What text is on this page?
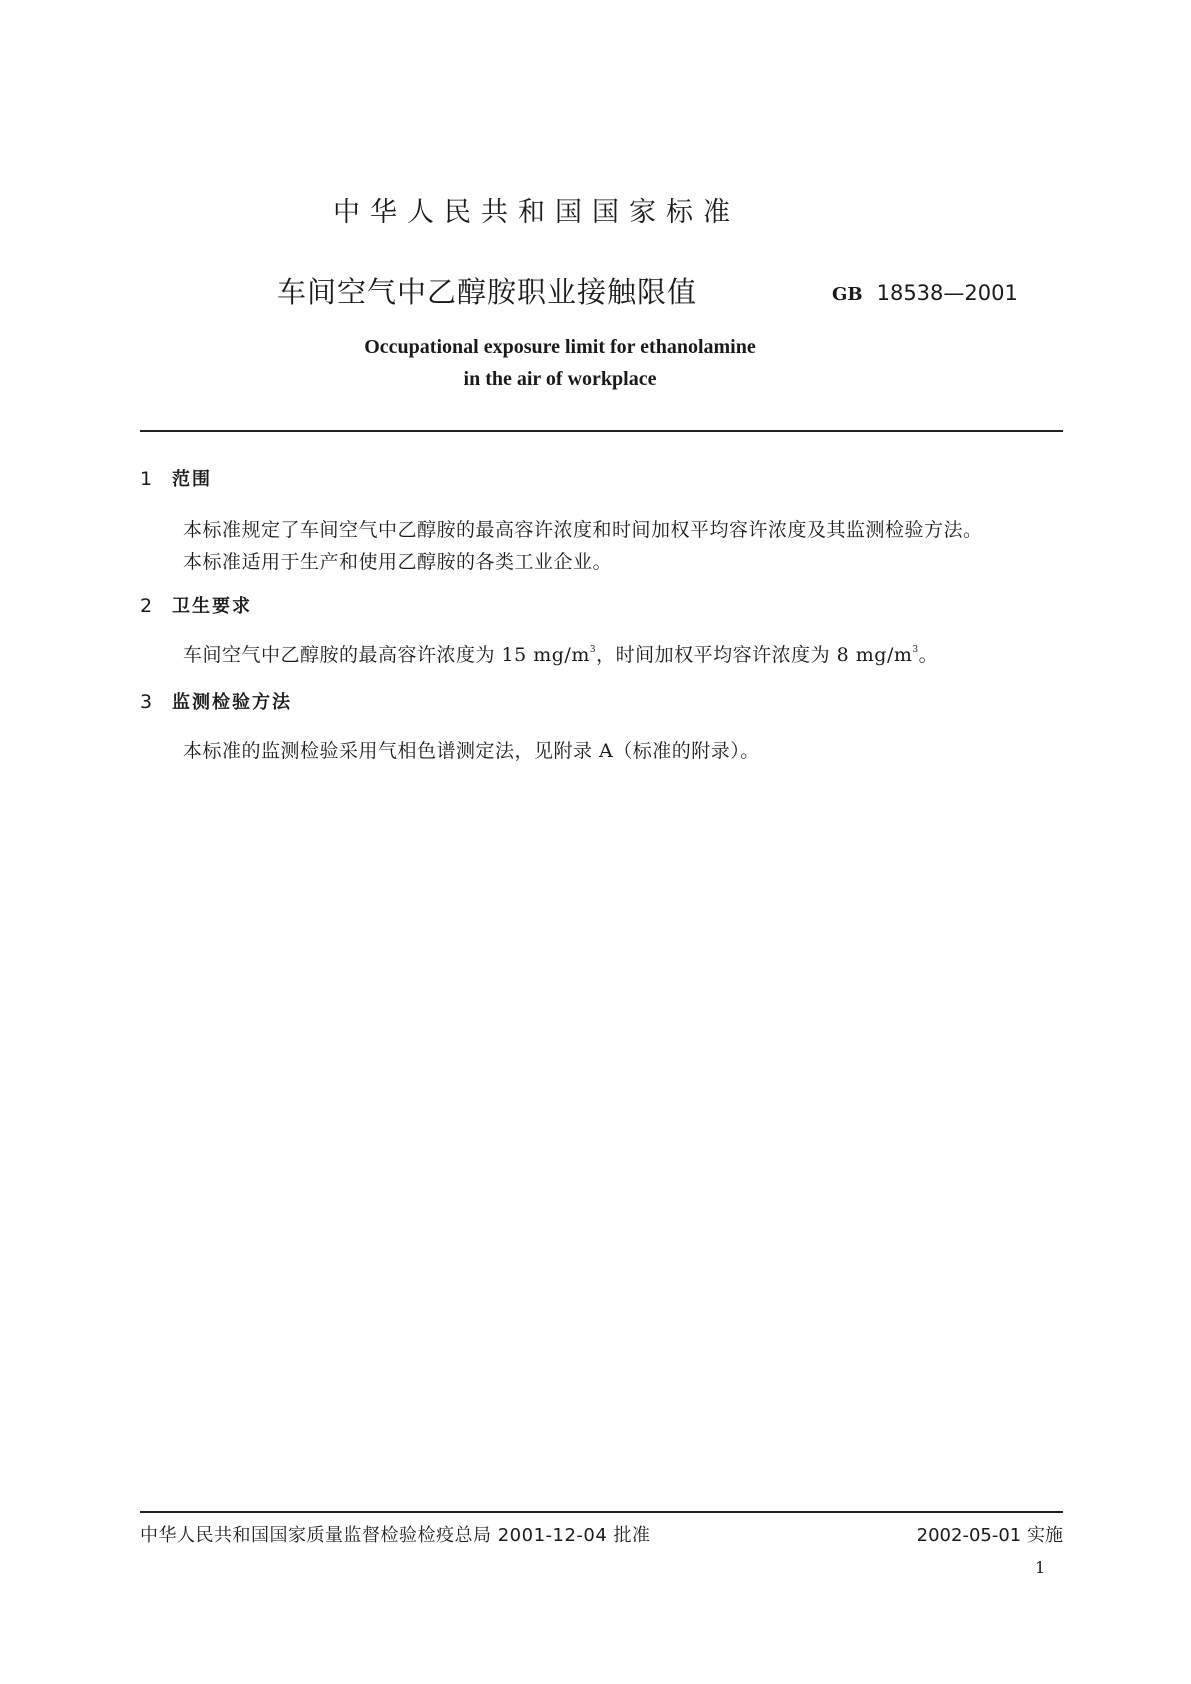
中华人民共和国国家标准
车间空气中乙醇胺职业接触限值	GB 18538—2001
Occupational exposure limit for ethanolamine
in the air of workplace
1 范围
本标准规定了车间空气中乙醇胺的最高容许浓度和时间加权平均容许浓度及其监测检验方法。
本标准适用于生产和使用乙醇胺的各类工业企业。
2 卫生要求
车间空气中乙醇胺的最高容许浓度为 15 $mg/m^3$，时间加权平均容许浓度为 8 $mg/m^3$。
3 监测检验方法
本标准的监测检验采用气相色谱测定法，见附录 A（标准的附录）。
中华人民共和国国家质量监督检验检疫总局 2001-12-04 批准	2002-05-01 实施
1
